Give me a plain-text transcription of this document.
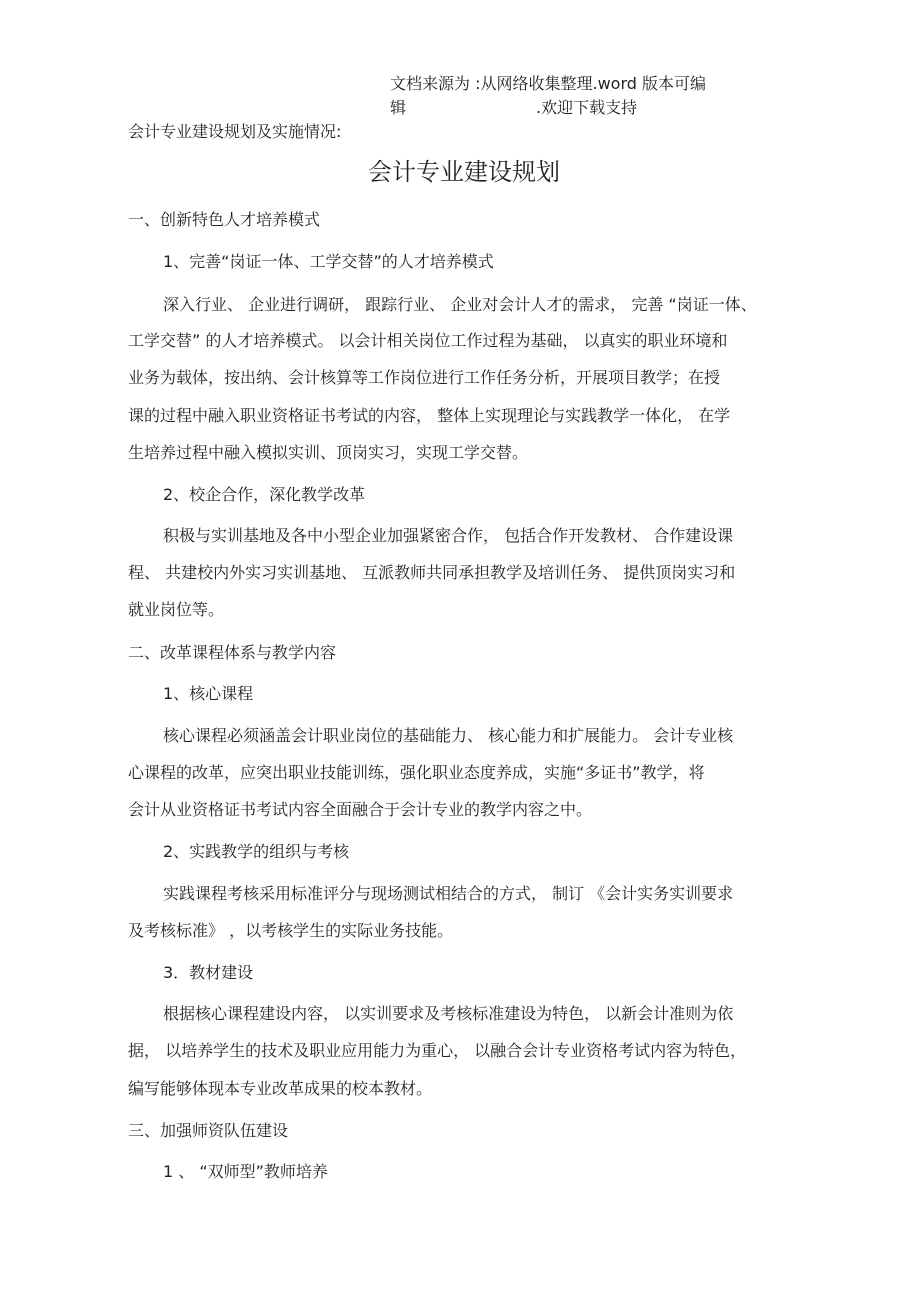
文档来源为 :从网络收集整理.word 版本可编
辑	.欢迎下载支持
会计专业建设规划及实施情况:
会计专业建设规划
一、创新特色人才培养模式
1、完善“岗证一体、工学交替”的人才培养模式
深入行业、 企业进行调研， 跟踪行业、 企业对会计人才的需求， 完善 “岗证一体、
工学交替” 的人才培养模式。 以会计相关岗位工作过程为基础， 以真实的职业环境和
业务为载体，按出纳、会计核算等工作岗位进行工作任务分析，开展项目教学；在授
课的过程中融入职业资格证书考试的内容， 整体上实现理论与实践教学一体化， 在学
生培养过程中融入模拟实训、顶岗实习，实现工学交替。
2、校企合作，深化教学改革
积极与实训基地及各中小型企业加强紧密合作， 包括合作开发教材、 合作建设课
程、 共建校内外实习实训基地、 互派教师共同承担教学及培训任务、 提供顶岗实习和
就业岗位等。
二、改革课程体系与教学内容
1、核心课程
核心课程必须涵盖会计职业岗位的基础能力、 核心能力和扩展能力。 会计专业核
心课程的改革，应突出职业技能训练，强化职业态度养成，实施“多证书”教学，将
会计从业资格证书考试内容全面融合于会计专业的教学内容之中。
2、实践教学的组织与考核
实践课程考核采用标准评分与现场测试相结合的方式， 制订 《会计实务实训要求
及考核标准》 ，以考核学生的实际业务技能。
3．教材建设
根据核心课程建设内容， 以实训要求及考核标准建设为特色， 以新会计准则为依
据， 以培养学生的技术及职业应用能力为重心， 以融合会计专业资格考试内容为特色，
编写能够体现本专业改革成果的校本教材。
三、加强师资队伍建设
1 、 “双师型”教师培养
